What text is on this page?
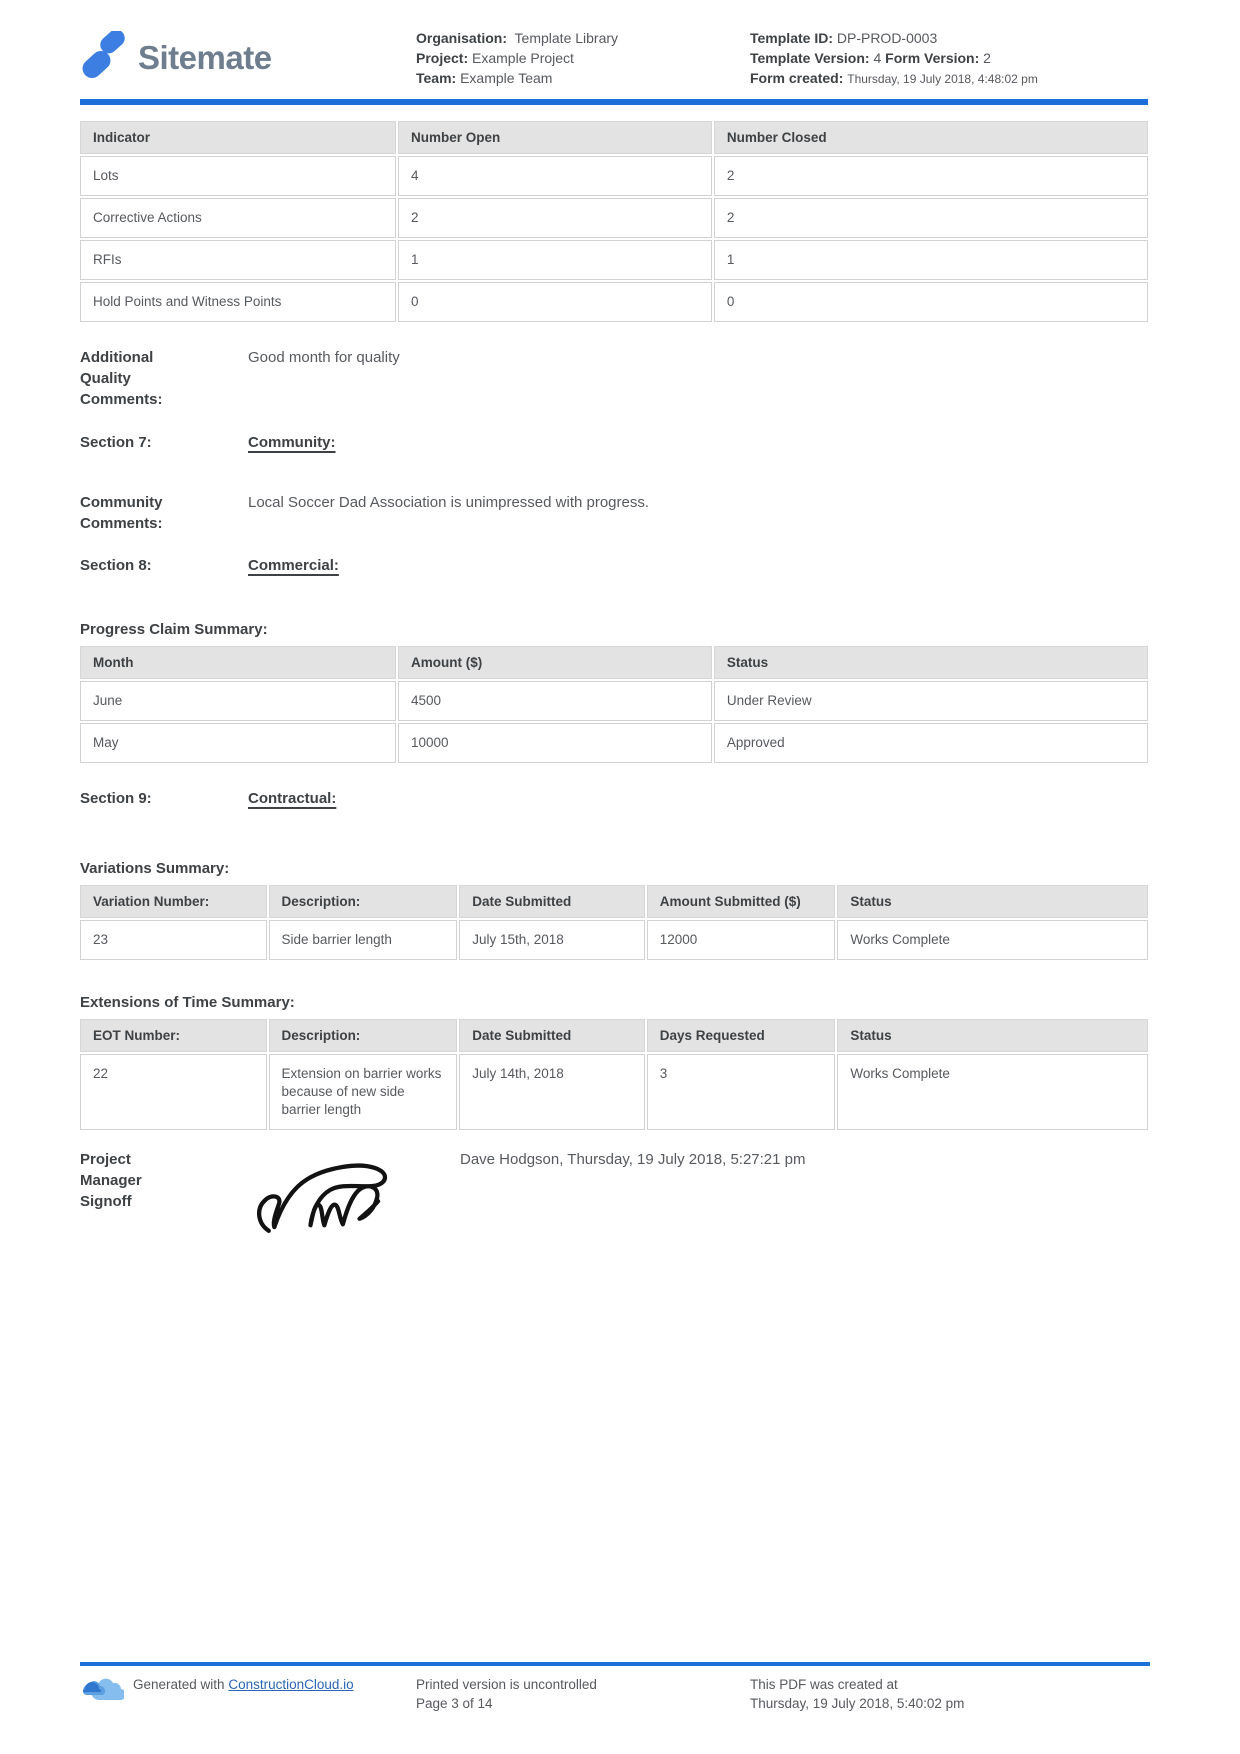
Sitemate
Organisation: Template Library
Project: Example Project
Team: Example Team
Template ID: DP-PROD-0003
Template Version: 4 Form Version: 2
Form created: Thursday, 19 July 2018, 4:48:02 pm
Indicator	Number Open	Number Closed
Lots	4	2
Corrective Actions	2	2
RFIs	1	1
Hold Points and Witness Points	0	0
Additional Quality Comments:
Good month for quality
Section 7:	Community:
Community Comments:
Local Soccer Dad Association is unimpressed with progress.
Section 8:	Commercial:
Progress Claim Summary:
Month	Amount ($)	Status
June	4500	Under Review
May	10000	Approved
Section 9:	Contractual:
Variations Summary:
Variation Number:	Description:	Date Submitted	Amount Submitted ($)	Status
23	Side barrier length	July 15th, 2018	12000	Works Complete
Extensions of Time Summary:
EOT Number:	Description:	Date Submitted	Days Requested	Status
22	Extension on barrier works because of new side barrier length	July 14th, 2018	3	Works Complete
Project Manager Signoff
Dave Hodgson, Thursday, 19 July 2018, 5:27:21 pm
Generated with ConstructionCloud.io	Printed version is uncontrolled
Page 3 of 14
This PDF was created at
Thursday, 19 July 2018, 5:40:02 pm
